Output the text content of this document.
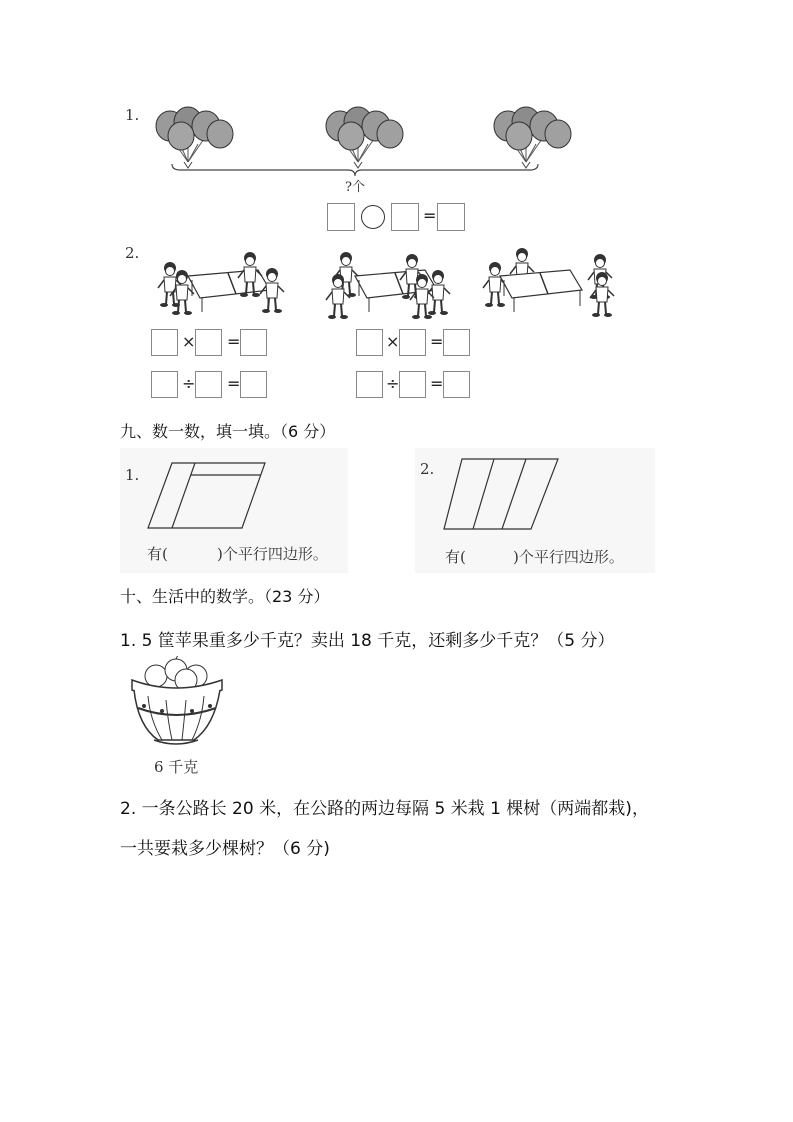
1.
?个
=
2.
× =
÷ =
× =
÷ =
九、数一数，填一填。（6 分）
1.
有(	)个平行四边形。
2.
有(	)个平行四边形。
十、生活中的数学。（23 分）
1. 5 筐苹果重多少千克？卖出 18 千克，还剩多少千克？（5 分）
6 千克
2. 一条公路长 20 米，在公路的两边每隔 5 米栽 1 棵树（两端都栽)，
一共要栽多少棵树？（6 分)
